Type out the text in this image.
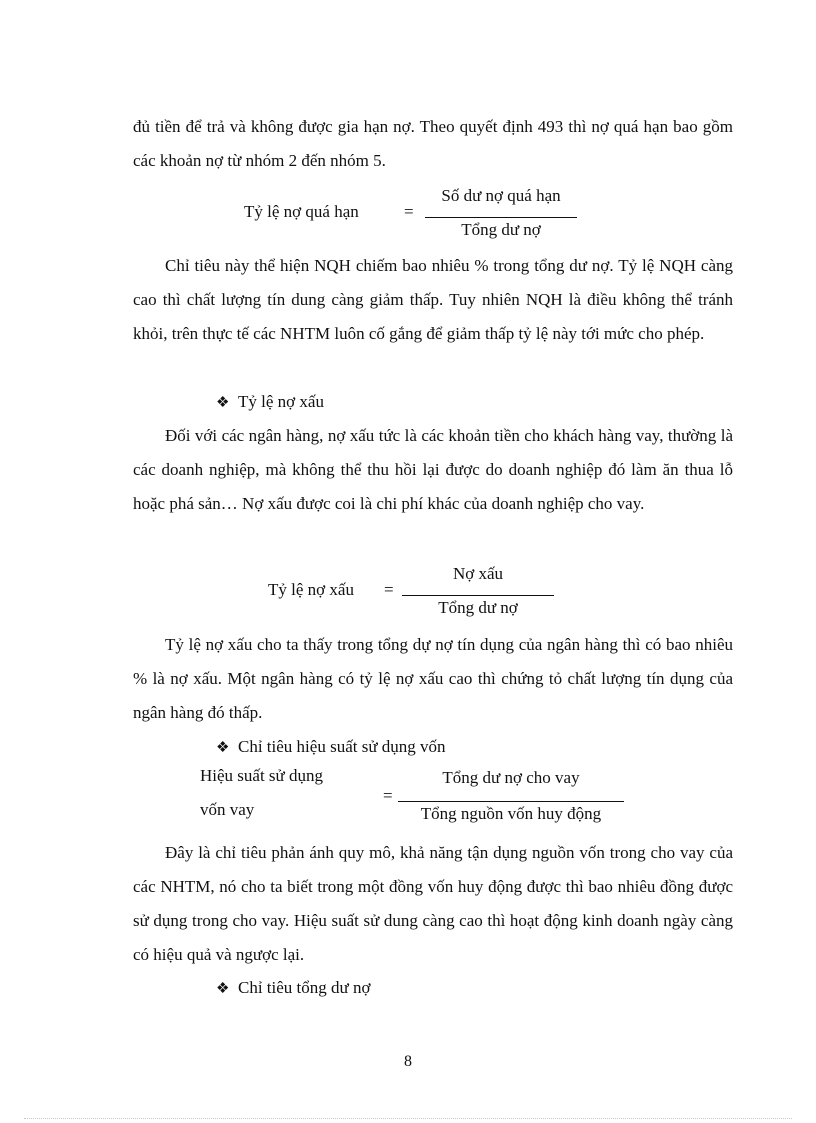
đủ tiền để trả và không được gia hạn nợ. Theo quyết định 493 thì nợ quá hạn bao gồm các khoản nợ từ nhóm 2 đến nhóm 5.

Tỷ lệ nợ quá hạn	=
Số dư nợ quá hạn
Tổng dư nợ

Chỉ tiêu này thể hiện NQH chiếm bao nhiêu % trong tổng dư nợ. Tỷ lệ NQH càng cao thì chất lượng tín dung càng giảm thấp. Tuy nhiên NQH là điều không thể tránh khỏi, trên thực tế các NHTM luôn cố gắng để giảm thấp tỷ lệ này tới mức cho phép.

❖ Tỷ lệ nợ xấu

Đối với các ngân hàng, nợ xấu tức là các khoản tiền cho khách hàng vay, thường là các doanh nghiệp, mà không thể thu hồi lại được do doanh nghiệp đó làm ăn thua lỗ hoặc phá sản… Nợ xấu được coi là chi phí khác của doanh nghiệp cho vay.

Tỷ lệ nợ xấu =
Nợ xấu
Tổng dư nợ

Tỷ lệ nợ xấu cho ta thấy trong tổng dự nợ tín dụng của ngân hàng thì có bao nhiêu % là nợ xấu. Một ngân hàng có tỷ lệ nợ xấu cao thì chứng tỏ chất lượng tín dụng của ngân hàng đó thấp.

❖ Chỉ tiêu hiệu suất sử dụng vốn

Hiệu suất sử dụng
vốn vay
=
Tổng dư nợ cho vay
Tổng nguồn vốn huy động

Đây là chỉ tiêu phản ánh quy mô, khả năng tận dụng nguồn vốn trong cho vay của các NHTM, nó cho ta biết trong một đồng vốn huy động được thì bao nhiêu đồng được sử dụng trong cho vay. Hiệu suất sử dung càng cao thì hoạt động kinh doanh ngày càng có hiệu quả và ngược lại.

❖ Chỉ tiêu tổng dư nợ

8
